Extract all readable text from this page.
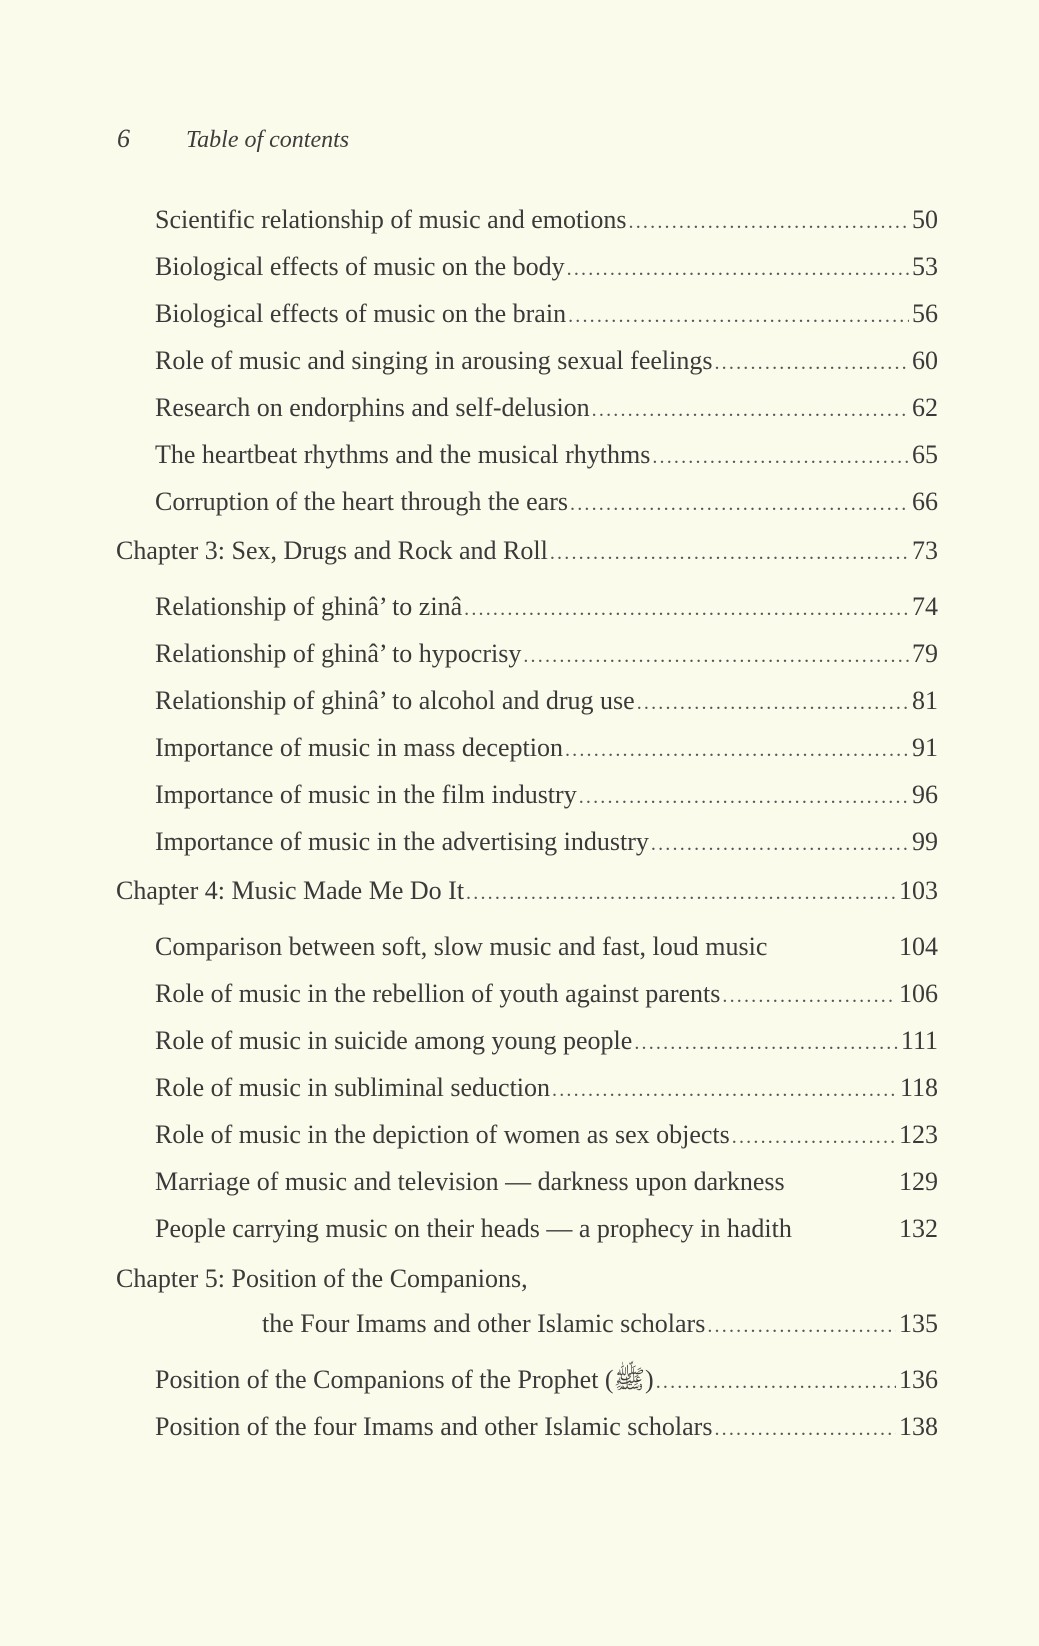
6	Table of contents
Scientific relationship of music and emotions .....	50
Biological effects of music on the body .....	53
Biological effects of music on the brain .....	56
Role of music and singing in arousing sexual feelings .....	60
Research on endorphins and self-delusion .....	62
The heartbeat rhythms and the musical rhythms .....	65
Corruption of the heart through the ears .....	66
Chapter 3: Sex, Drugs and Rock and Roll .....	73
Relationship of ghinâ’ to zinâ .....	74
Relationship of ghinâ’ to hypocrisy .....	79
Relationship of ghinâ’ to alcohol and drug use .....	81
Importance of music in mass deception .....	91
Importance of music in the film industry .....	96
Importance of music in the advertising industry .....	99
Chapter 4: Music Made Me Do It .....	103
Comparison between soft, slow music and fast, loud music	104
Role of music in the rebellion of youth against parents .....	106
Role of music in suicide among young people .....	111
Role of music in subliminal seduction .....	118
Role of music in the depiction of women as sex objects .....	123
Marriage of music and television — darkness upon darkness	129
People carrying music on their heads — a prophecy in hadith	132
Chapter 5: Position of the Companions,
the Four Imams and other Islamic scholars .....	135
Position of the Companions of the Prophet (ﷺ) .....	136
Position of the four Imams and other Islamic scholars .....	138
